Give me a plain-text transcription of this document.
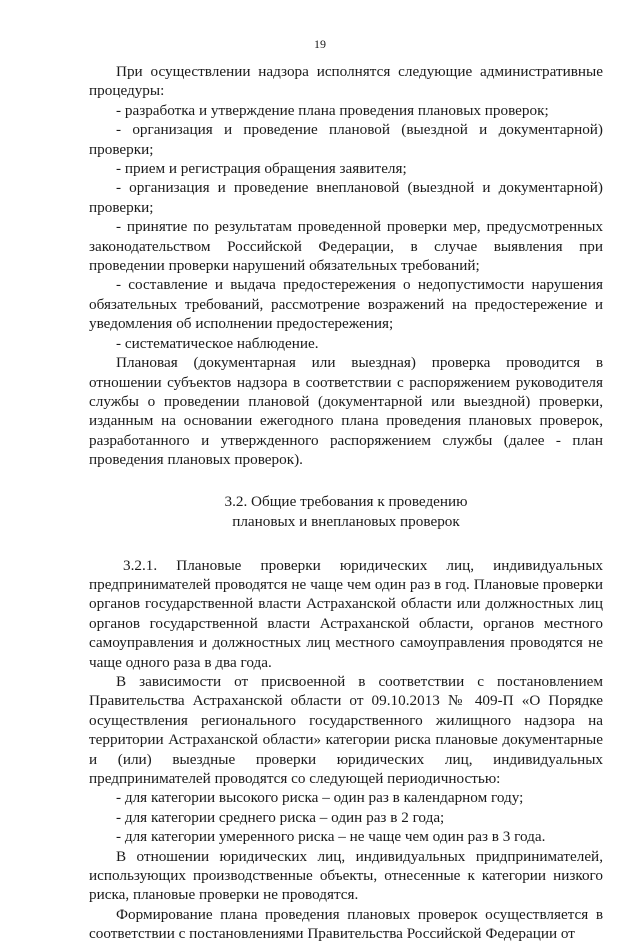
19

При осуществлении надзора исполнятся следующие административные процедуры:

- разработка и утверждение плана проведения плановых проверок;

- организация и проведение плановой (выездной и документарной) проверки;

- прием и регистрация обращения заявителя;

- организация и проведение внеплановой (выездной и документарной) проверки;

- принятие по результатам проведенной проверки мер, предусмотренных законодательством Российской Федерации, в случае выявления при проведении проверки нарушений обязательных требований;

- составление и выдача предостережения о недопустимости нарушения обязательных требований, рассмотрение возражений на предостережение и уведомления об исполнении предостережения;

- систематическое наблюдение.

Плановая (документарная или выездная) проверка проводится в отношении субъектов надзора в соответствии с распоряжением руководителя службы о проведении плановой (документарной или выездной) проверки, изданным на основании ежегодного плана проведения плановых проверок, разработанного и утвержденного распоряжением службы (далее - план проведения плановых проверок).

3.2. Общие требования к проведению
плановых и внеплановых проверок

3.2.1. Плановые проверки юридических лиц, индивидуальных предпринимателей проводятся не чаще чем один раз в год. Плановые проверки органов государственной власти Астраханской области или должностных лиц органов государственной власти Астраханской области, органов местного самоуправления и должностных лиц местного самоуправления проводятся не чаще одного раза в два года.

В зависимости от присвоенной в соответствии с постановлением Правительства Астраханской области от 09.10.2013 № 409-П «О Порядке осуществления регионального государственного жилищного надзора на территории Астраханской области» категории риска плановые документарные и (или) выездные проверки юридических лиц, индивидуальных предпринимателей проводятся со следующей периодичностью:

- для категории высокого риска – один раз в календарном году;

- для категории среднего риска – один раз в 2 года;

- для категории умеренного риска – не чаще чем один раз в 3 года.

В отношении юридических лиц, индивидуальных придпринимателей, использующих производственные объекты, отнесенные к категории низкого риска, плановые проверки не проводятся.

Формирование плана проведения плановых проверок осуществляется в соответствии с постановлениями Правительства Российской Федерации от
